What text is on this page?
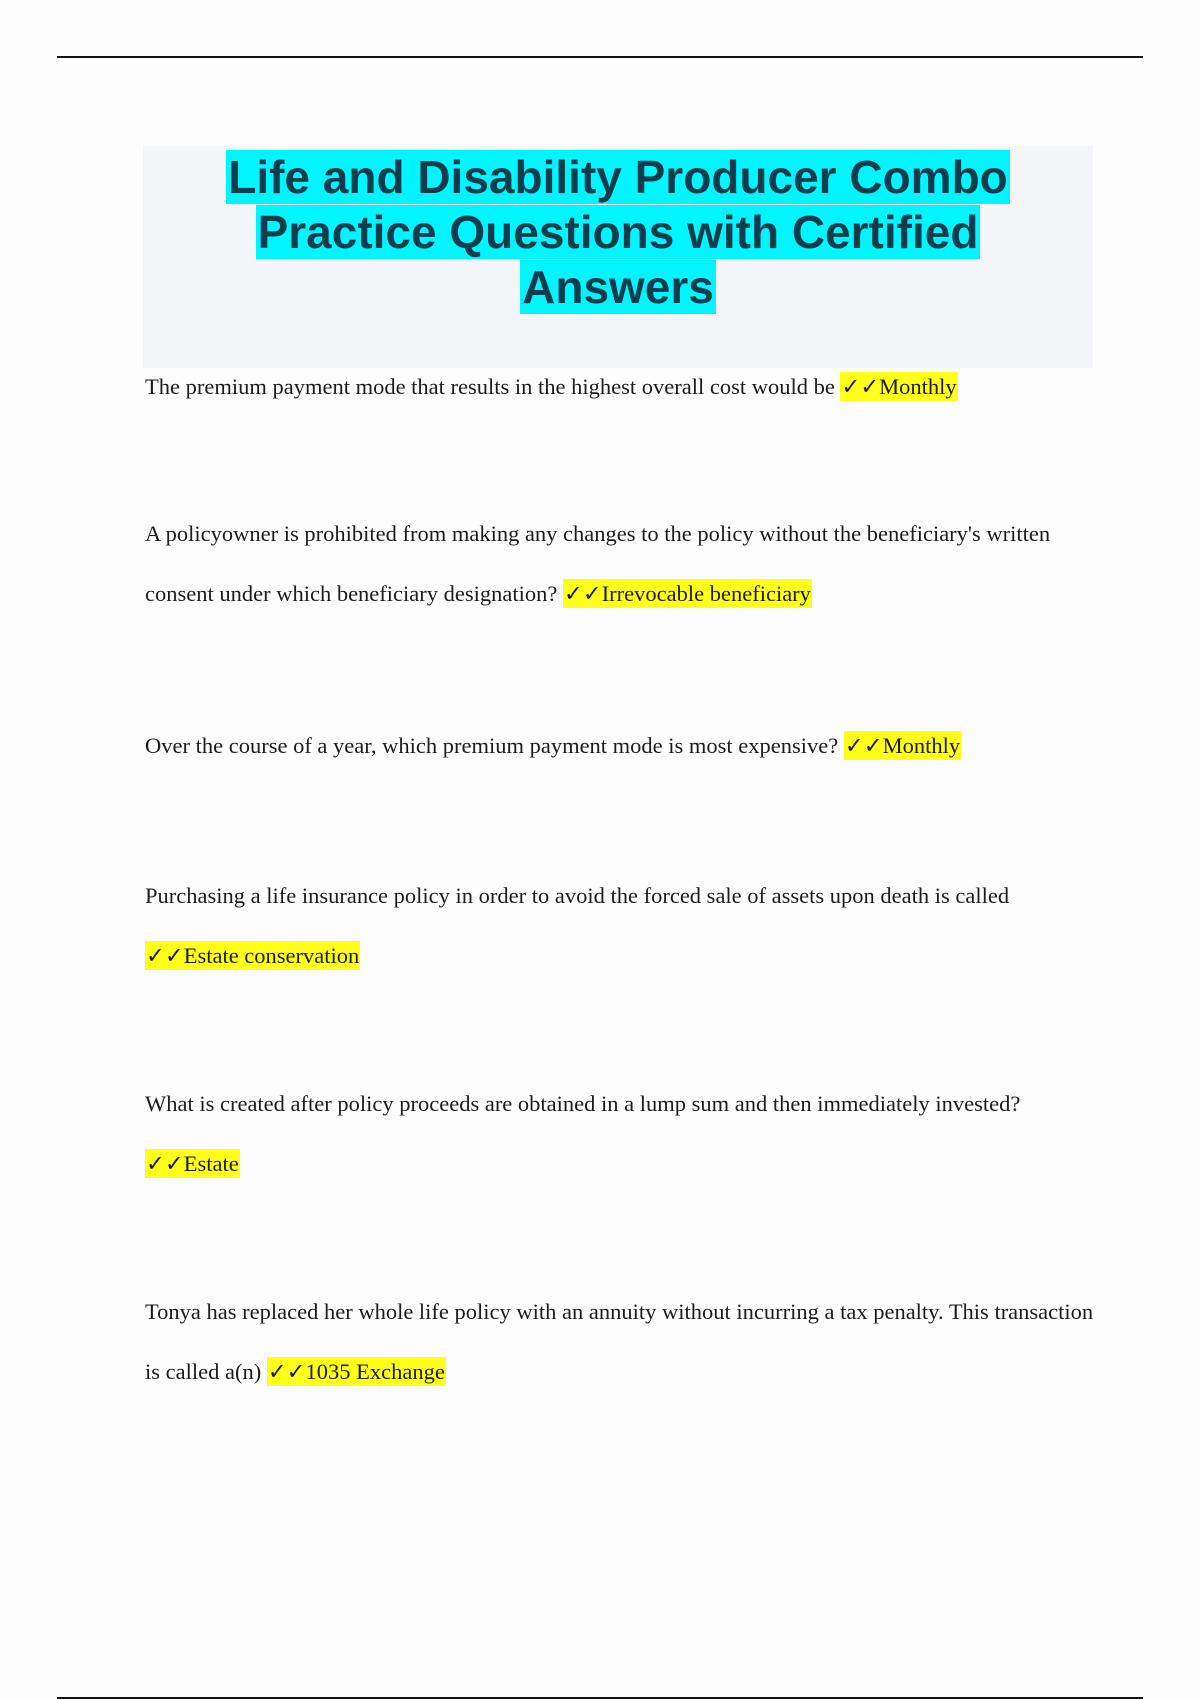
Life and Disability Producer Combo
Practice Questions with Certified
Answers

The premium payment mode that results in the highest overall cost would be ✓✓Monthly

A policyowner is prohibited from making any changes to the policy without the beneficiary's written consent under which beneficiary designation? ✓✓Irrevocable beneficiary

Over the course of a year, which premium payment mode is most expensive? ✓✓Monthly

Purchasing a life insurance policy in order to avoid the forced sale of assets upon death is called ✓✓Estate conservation

What is created after policy proceeds are obtained in a lump sum and then immediately invested? ✓✓Estate

Tonya has replaced her whole life policy with an annuity without incurring a tax penalty. This transaction is called a(n) ✓✓1035 Exchange
